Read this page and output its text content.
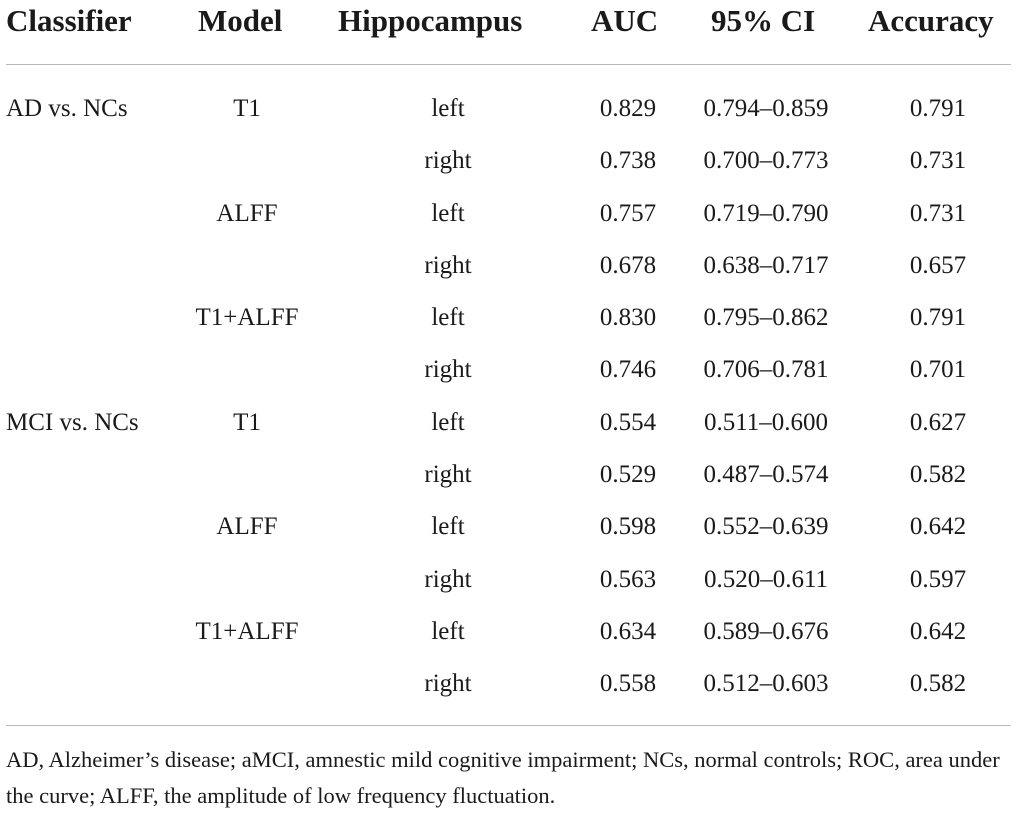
Classifier Model Hippocampus AUC 95% CI Accuracy
AD vs. NCs	T1	left	0.829 0.794–0.859	0.791
right	0.738 0.700–0.773	0.731
ALFF	left	0.757 0.719–0.790	0.731
right	0.678 0.638–0.717	0.657
T1+ALFF	left	0.830 0.795–0.862	0.791
right	0.746 0.706–0.781	0.701
MCI vs. NCs	T1	left	0.554 0.511–0.600	0.627
right	0.529 0.487–0.574	0.582
ALFF	left	0.598 0.552–0.639	0.642
right	0.563 0.520–0.611	0.597
T1+ALFF	left	0.634 0.589–0.676	0.642
right	0.558 0.512–0.603	0.582
AD, Alzheimer’s disease; aMCI, amnestic mild cognitive impairment; NCs, normal controls; ROC, area under the curve; ALFF, the amplitude of low frequency fluctuation.
